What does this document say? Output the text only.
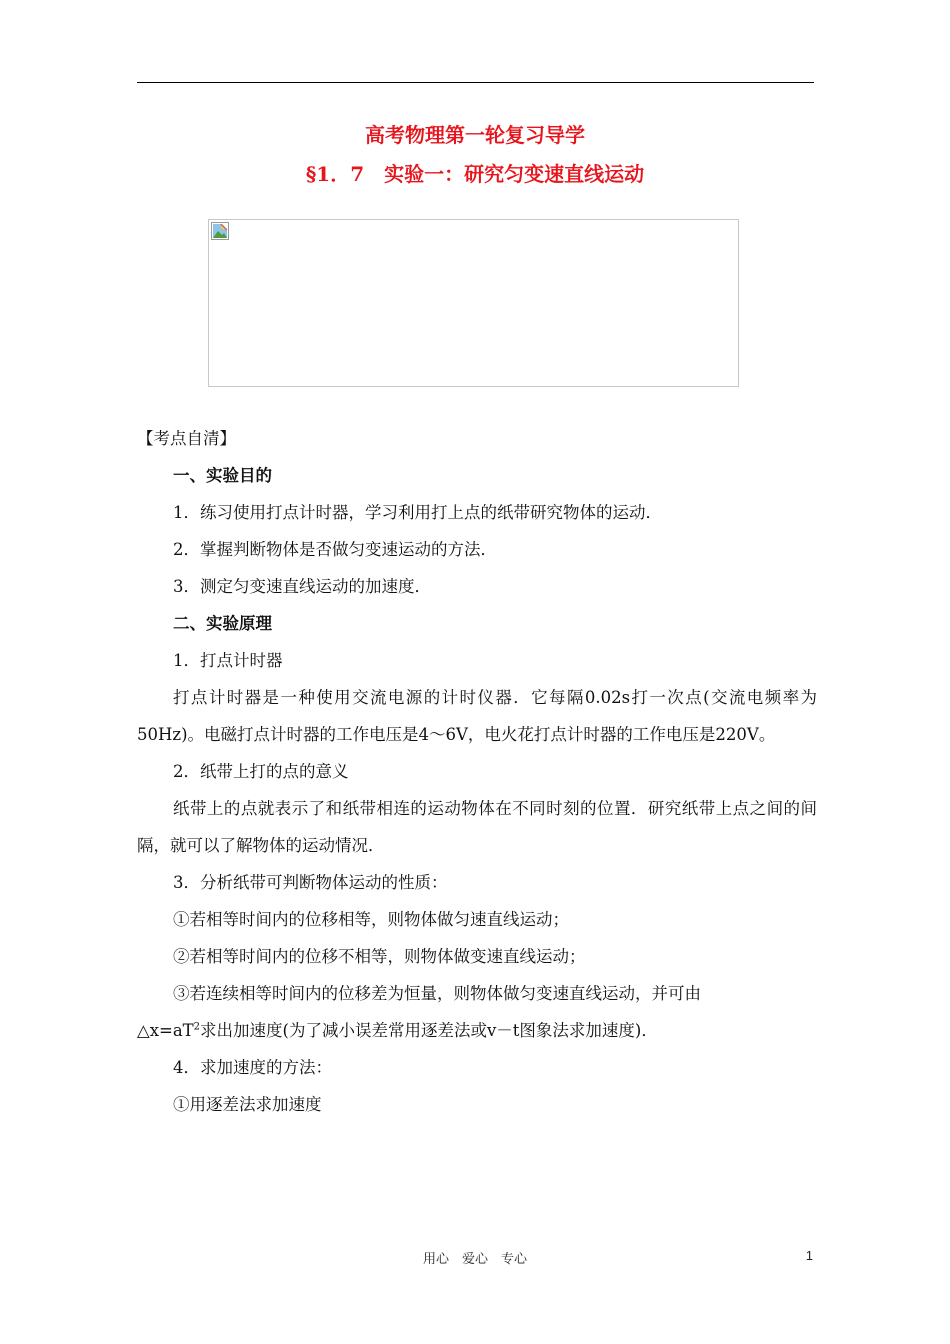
高考物理第一轮复习导学
§1．7　实验一：研究匀变速直线运动
【考点自清】
一、实验目的
1．练习使用打点计时器，学习利用打上点的纸带研究物体的运动．
2．掌握判断物体是否做匀变速运动的方法．
3．测定匀变速直线运动的加速度．
二、实验原理
1．打点计时器
打点计时器是一种使用交流电源的计时仪器．它每隔0.02s打一次点(交流电频率为50Hz)。电磁打点计时器的工作电压是4～6V，电火花打点计时器的工作电压是220V。
2．纸带上打的点的意义
纸带上的点就表示了和纸带相连的运动物体在不同时刻的位置．研究纸带上点之间的间隔，就可以了解物体的运动情况．
3．分析纸带可判断物体运动的性质：
①若相等时间内的位移相等，则物体做匀速直线运动；
②若相等时间内的位移不相等，则物体做变速直线运动；
③若连续相等时间内的位移差为恒量，则物体做匀变速直线运动，并可由
$\triangle x=aT^2$求出加速度(为了减小误差常用逐差法或v－t图象法求加速度)．
4．求加速度的方法：
①用逐差法求加速度
用心　爱心　专心	1
